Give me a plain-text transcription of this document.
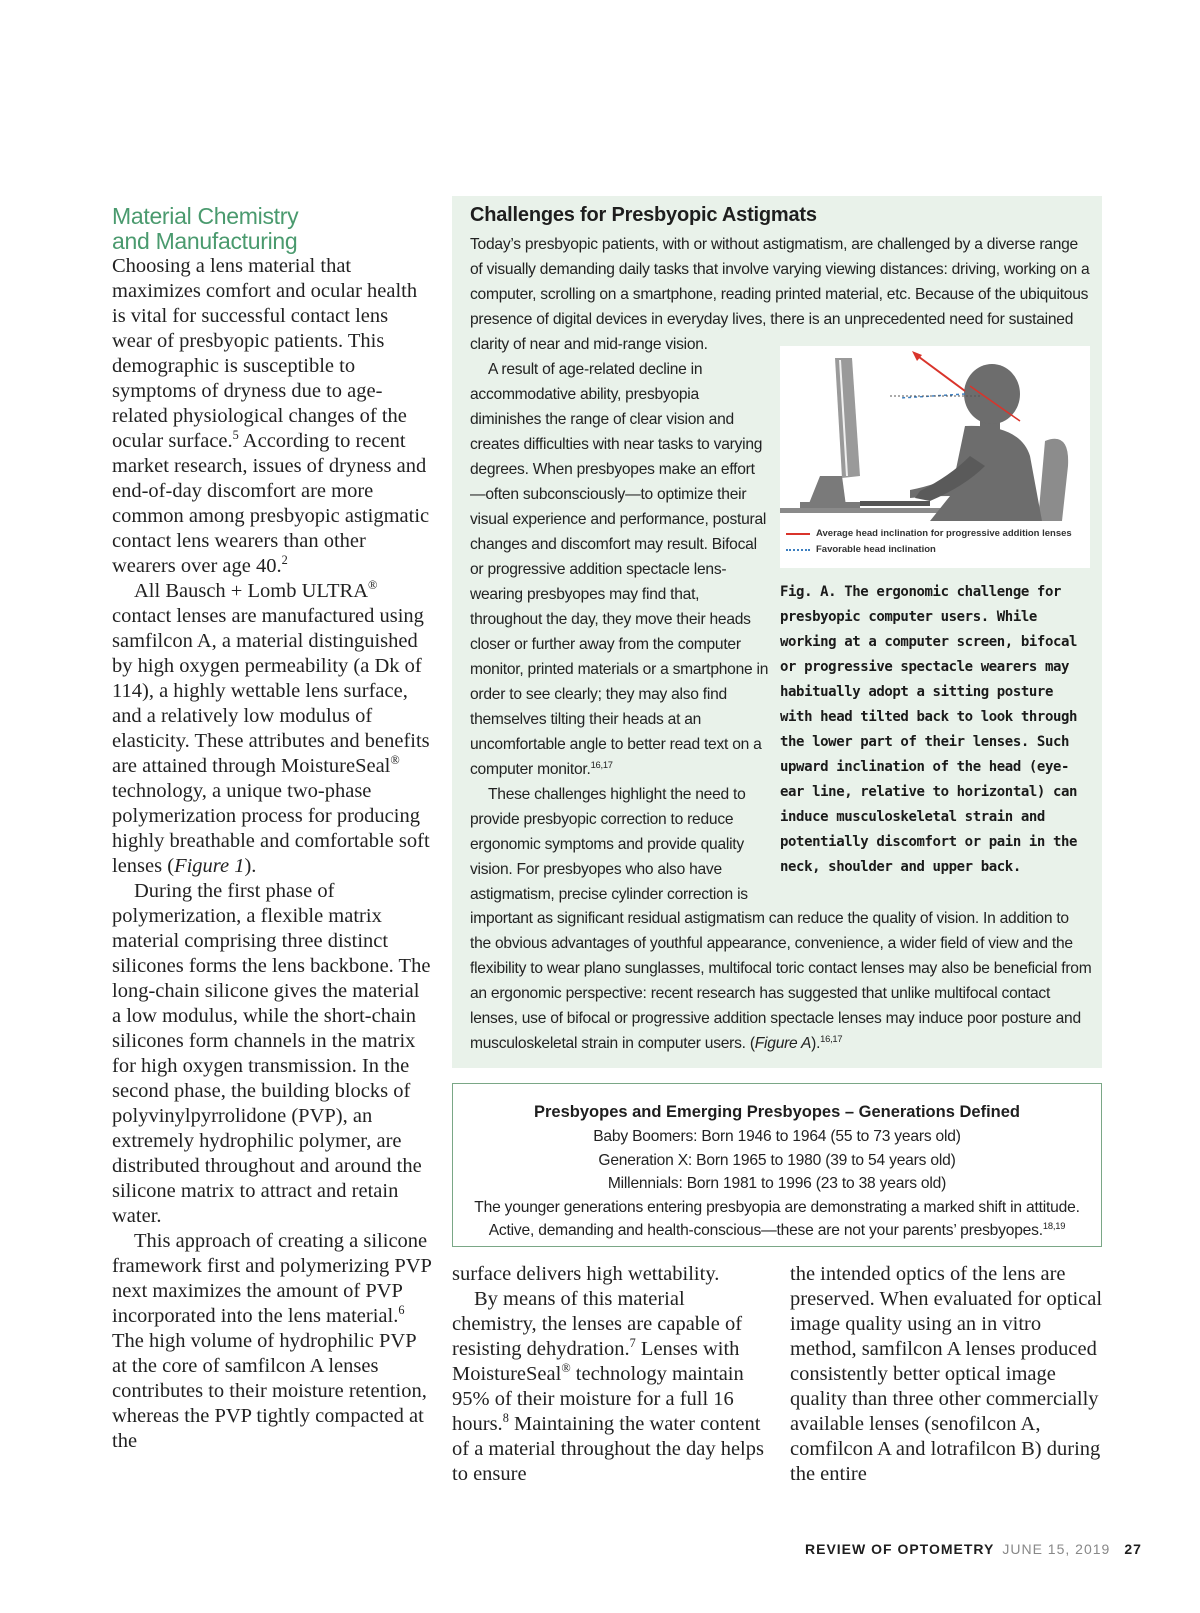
Material Chemistry
and Manufacturing

Choosing a lens material that maximizes comfort and ocular health is vital for successful contact lens wear of presbyopic patients. This demographic is susceptible to symptoms of dryness due to age-related physiological changes of the ocular surface.$^5$ According to recent market research, issues of dryness and end-of-day discomfort are more common among presbyopic astigmatic contact lens wearers than other wearers over age 40.$^2$

All Bausch + Lomb ULTRA® contact lenses are manufactured using samfilcon A, a material distinguished by high oxygen permeability (a Dk of 114), a highly wettable lens surface, and a relatively low modulus of elasticity. These attributes and benefits are attained through MoistureSeal® technology, a unique two-phase polymerization process for producing highly breathable and comfortable soft lenses (Figure 1).

During the first phase of polymerization, a flexible matrix material comprising three distinct silicones forms the lens backbone. The long-chain silicone gives the material a low modulus, while the short-chain silicones form channels in the matrix for high oxygen transmission. In the second phase, the building blocks of polyvinylpyrrolidone (PVP), an extremely hydrophilic polymer, are distributed throughout and around the silicone matrix to attract and retain water.

This approach of creating a silicone framework first and polymerizing PVP next maximizes the amount of PVP incorporated into the lens material.$^6$ The high volume of hydrophilic PVP at the core of samfilcon A lenses contributes to their moisture retention, whereas the PVP tightly compacted at the

Challenges for Presbyopic Astigmats

Today’s presbyopic patients, with or without astigmatism, are challenged by a diverse range of visually demanding daily tasks that involve varying viewing distances: driving, working on a computer, scrolling on a smartphone, reading printed material, etc. Because of the ubiquitous presence of digital devices in everyday lives, there is an unprecedented need for sustained clarity of near and mid-range vision.

A result of age-related decline in accommodative ability, presbyopia diminishes the range of clear vision and creates difficulties with near tasks to varying degrees. When presbyopes make an effort—often subconsciously—to optimize their visual experience and performance, postural changes and discomfort may result. Bifocal or progressive addition spectacle lens-wearing presbyopes may find that, throughout the day, they move their heads closer or further away from the computer monitor, printed materials or a smartphone in order to see clearly; they may also find themselves tilting their heads at an uncomfortable angle to better read text on a computer monitor.$^{16,17}$

These challenges highlight the need to provide presbyopic correction to reduce ergonomic symptoms and provide quality vision. For presbyopes who also have astigmatism, precise cylinder correction is

Average head inclination for progressive addition lenses
Favorable head inclination
Fig. A. The ergonomic challenge for presbyopic computer users. While working at a computer screen, bifocal or progressive spectacle wearers may habitually adopt a sitting posture with head tilted back to look through the lower part of their lenses. Such upward inclination of the head (eye-ear line, relative to horizontal) can induce musculoskeletal strain and potentially discomfort or pain in the neck, shoulder and upper back.

important as significant residual astigmatism can reduce the quality of vision. In addition to the obvious advantages of youthful appearance, convenience, a wider field of view and the flexibility to wear plano sunglasses, multifocal toric contact lenses may also be beneficial from an ergonomic perspective: recent research has suggested that unlike multifocal contact lenses, use of bifocal or progressive addition spectacle lenses may induce poor posture and musculoskeletal strain in computer users. (Figure A).$^{16,17}$

Presbyopes and Emerging Presbyopes – Generations Defined
Baby Boomers: Born 1946 to 1964 (55 to 73 years old)
Generation X: Born 1965 to 1980 (39 to 54 years old)
Millennials: Born 1981 to 1996 (23 to 38 years old)
The younger generations entering presbyopia are demonstrating a marked shift in attitude.
Active, demanding and health-conscious—these are not your parents’ presbyopes.$^{18,19}$

surface delivers high wettability.

By means of this material chemistry, the lenses are capable of resisting dehydration.$^7$ Lenses with MoistureSeal® technology maintain 95% of their moisture for a full 16 hours.$^8$ Maintaining the water content of a material throughout the day helps to ensure

the intended optics of the lens are preserved. When evaluated for optical image quality using an in vitro method, samfilcon A lenses produced consistently better optical image quality than three other commercially available lenses (senofilcon A, comfilcon A and lotrafilcon B) during the entire

REVIEW OF OPTOMETRY JUNE 15, 2019 27
